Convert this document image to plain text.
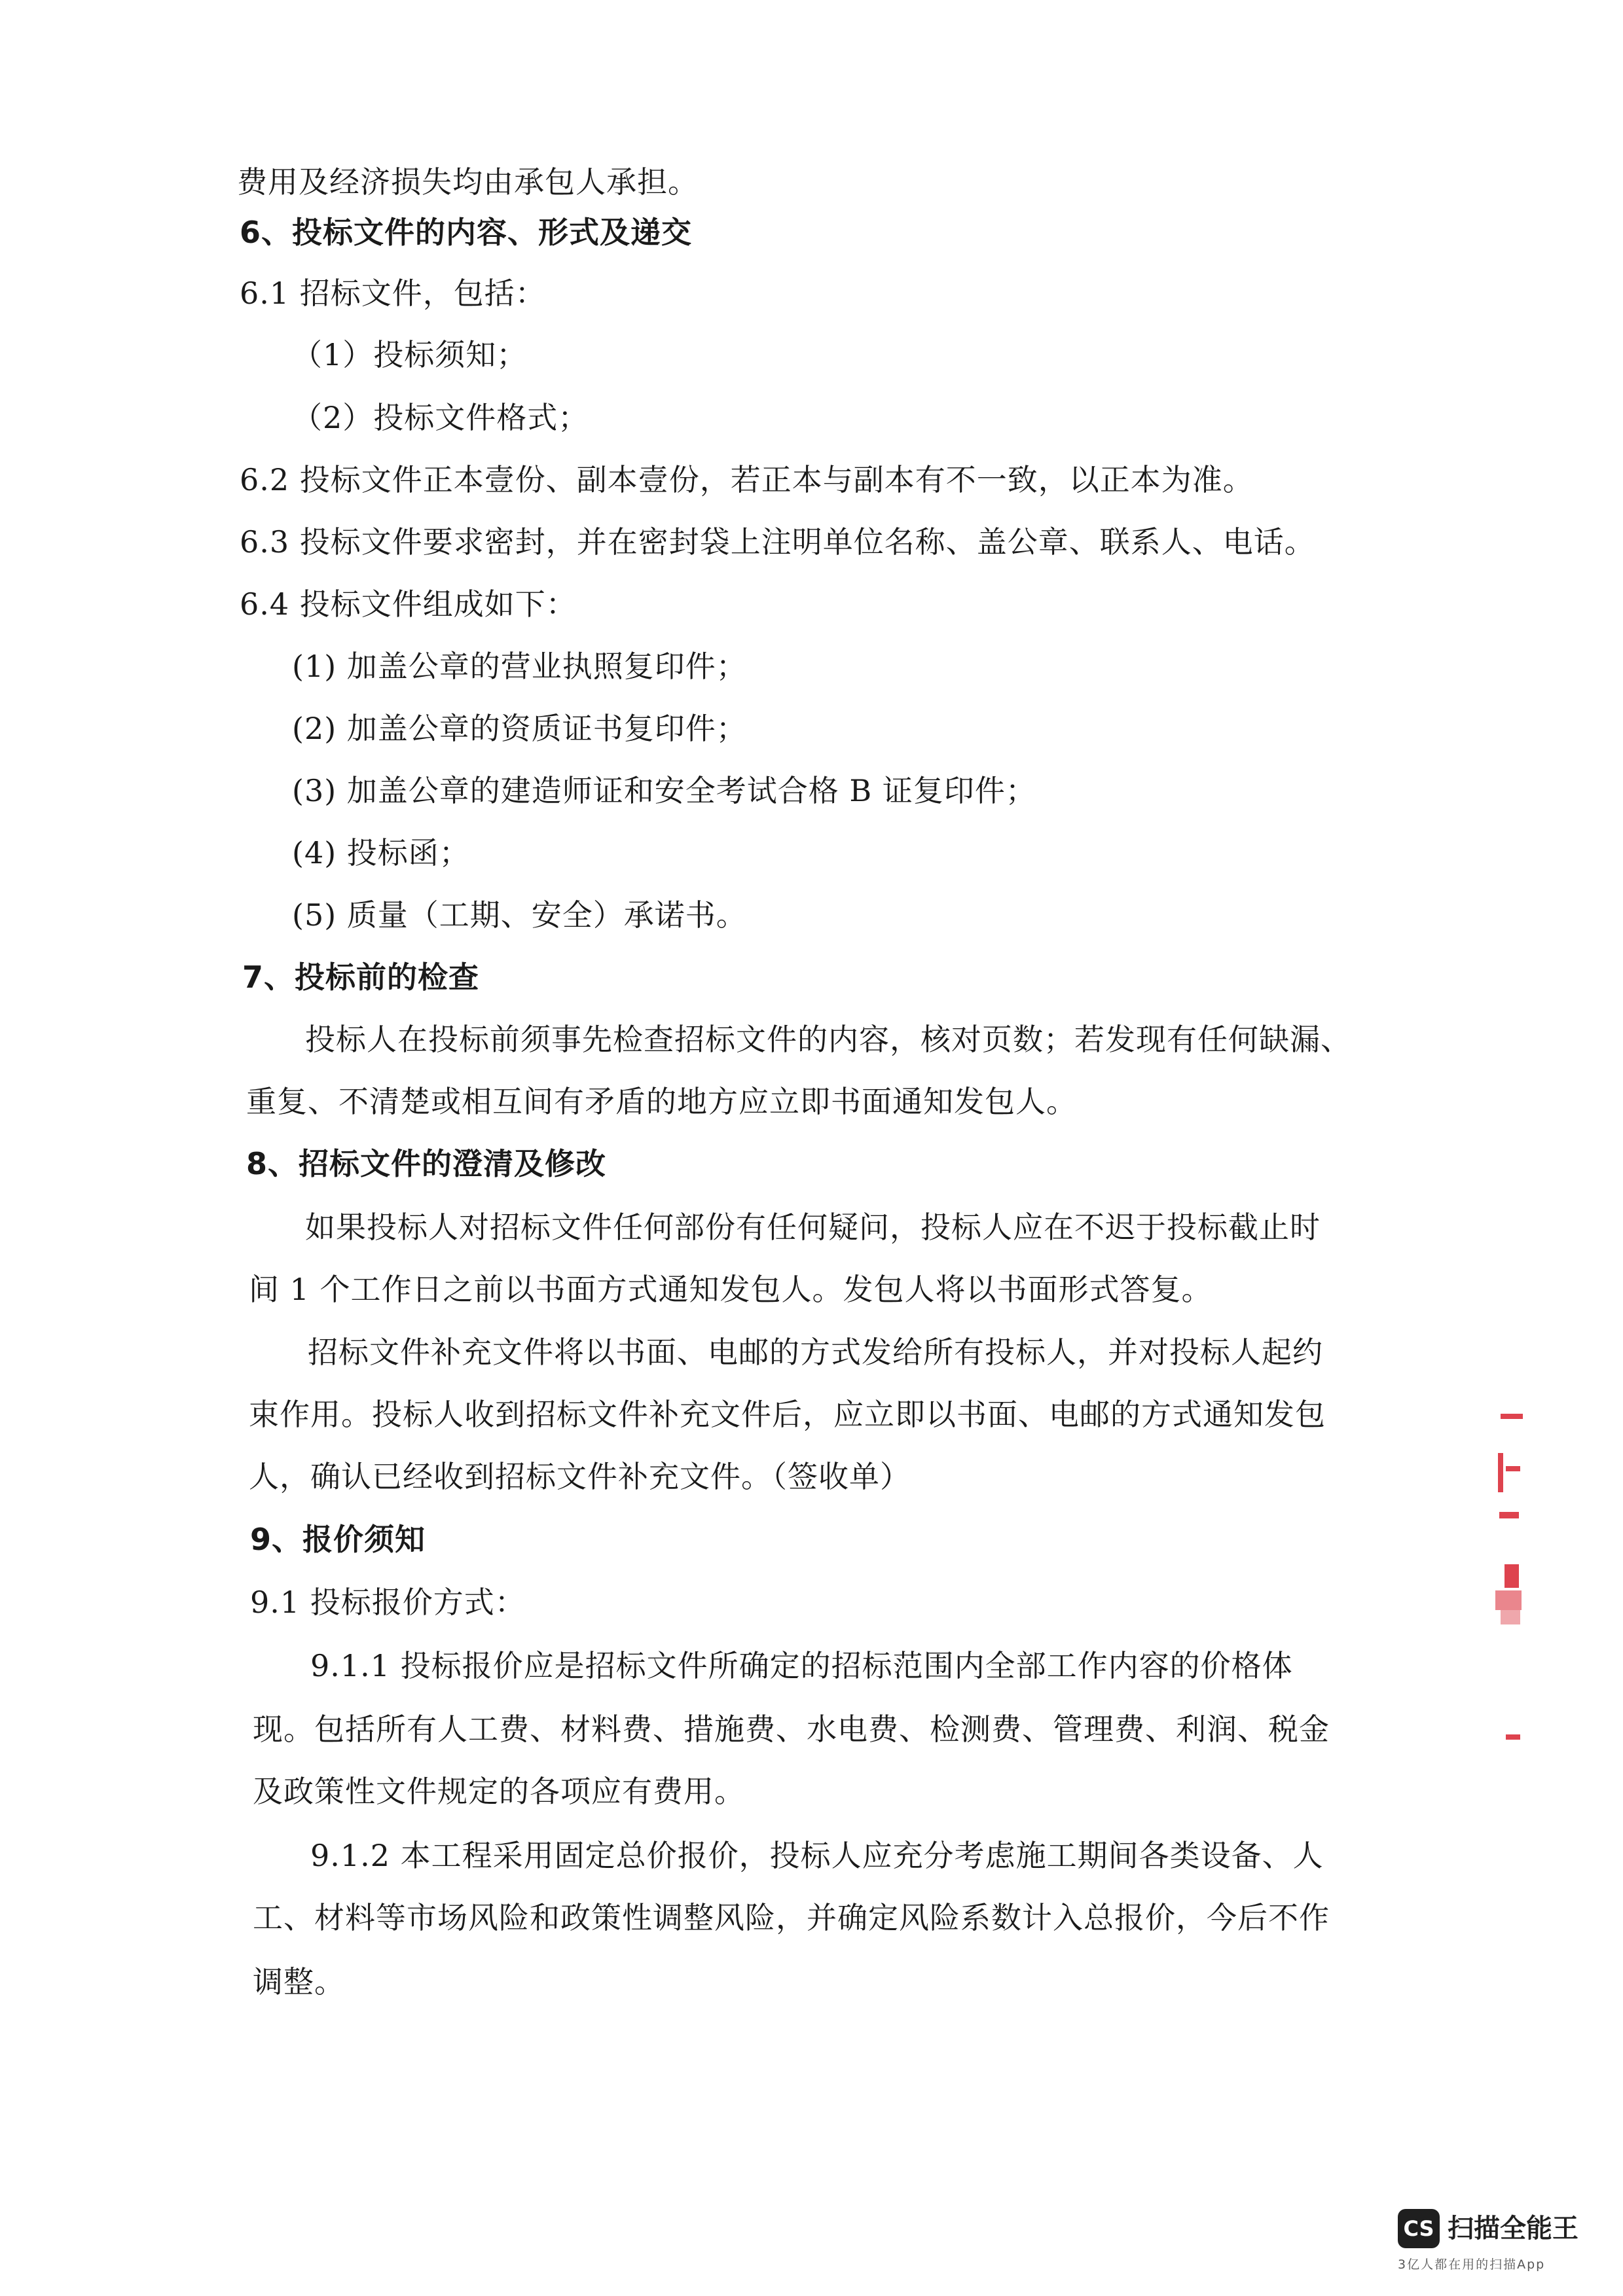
费用及经济损失均由承包人承担。
6、投标文件的内容、形式及递交
6.1 招标文件，包括：
（1）投标须知；
（2）投标文件格式；
6.2 投标文件正本壹份、副本壹份，若正本与副本有不一致，以正本为准。
6.3 投标文件要求密封，并在密封袋上注明单位名称、盖公章、联系人、电话。
6.4 投标文件组成如下：
(1) 加盖公章的营业执照复印件；
(2) 加盖公章的资质证书复印件；
(3) 加盖公章的建造师证和安全考试合格 B 证复印件；
(4) 投标函；
(5) 质量（工期、安全）承诺书。
7、投标前的检查
投标人在投标前须事先检查招标文件的内容，核对页数；若发现有任何缺漏、
重复、不清楚或相互间有矛盾的地方应立即书面通知发包人。
8、招标文件的澄清及修改
如果投标人对招标文件任何部份有任何疑问，投标人应在不迟于投标截止时
间 1 个工作日之前以书面方式通知发包人。发包人将以书面形式答复。
招标文件补充文件将以书面、电邮的方式发给所有投标人，并对投标人起约
束作用。投标人收到招标文件补充文件后，应立即以书面、电邮的方式通知发包
人，确认已经收到招标文件补充文件。（签收单）
9、报价须知
9.1 投标报价方式：
9.1.1 投标报价应是招标文件所确定的招标范围内全部工作内容的价格体
现。包括所有人工费、材料费、措施费、水电费、检测费、管理费、利润、税金
及政策性文件规定的各项应有费用。
9.1.2 本工程采用固定总价报价，投标人应充分考虑施工期间各类设备、人
工、材料等市场风险和政策性调整风险，并确定风险系数计入总报价，今后不作
调整。
CS 扫描全能王
3亿人都在用的扫描App
